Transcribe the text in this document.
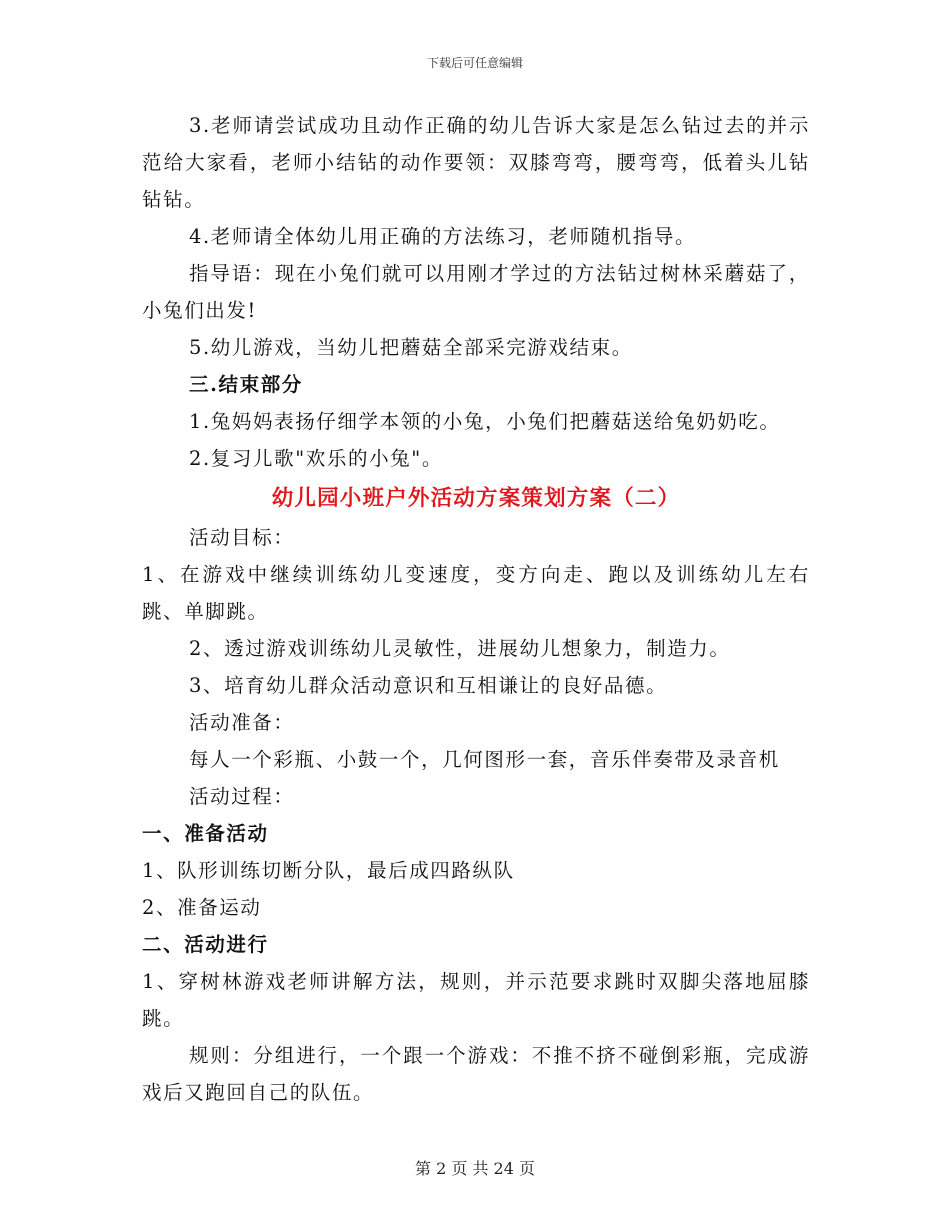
下载后可任意编辑

3.老师请尝试成功且动作正确的幼儿告诉大家是怎么钻过去的并示范给大家看，老师小结钻的动作要领：双膝弯弯，腰弯弯，低着头儿钻钻钻。

4.老师请全体幼儿用正确的方法练习，老师随机指导。

指导语：现在小兔们就可以用刚才学过的方法钻过树林采蘑菇了，小兔们出发!

5.幼儿游戏，当幼儿把蘑菇全部采完游戏结束。

三.结束部分

1.兔妈妈表扬仔细学本领的小兔，小兔们把蘑菇送给兔奶奶吃。

2.复习儿歌"欢乐的小兔"。

幼儿园小班户外活动方案策划方案（二）

活动目标：

1、在游戏中继续训练幼儿变速度，变方向走、跑以及训练幼儿左右跳、单脚跳。

2、透过游戏训练幼儿灵敏性，进展幼儿想象力，制造力。

3、培育幼儿群众活动意识和互相谦让的良好品德。

活动准备：

每人一个彩瓶、小鼓一个，几何图形一套，音乐伴奏带及录音机

活动过程：

一、准备活动

1、队形训练切断分队，最后成四路纵队

2、准备运动

二、活动进行

1、穿树林游戏老师讲解方法，规则，并示范要求跳时双脚尖落地屈膝跳。

规则：分组进行，一个跟一个游戏：不推不挤不碰倒彩瓶，完成游戏后又跑回自己的队伍。

第 2 页 共 24 页
